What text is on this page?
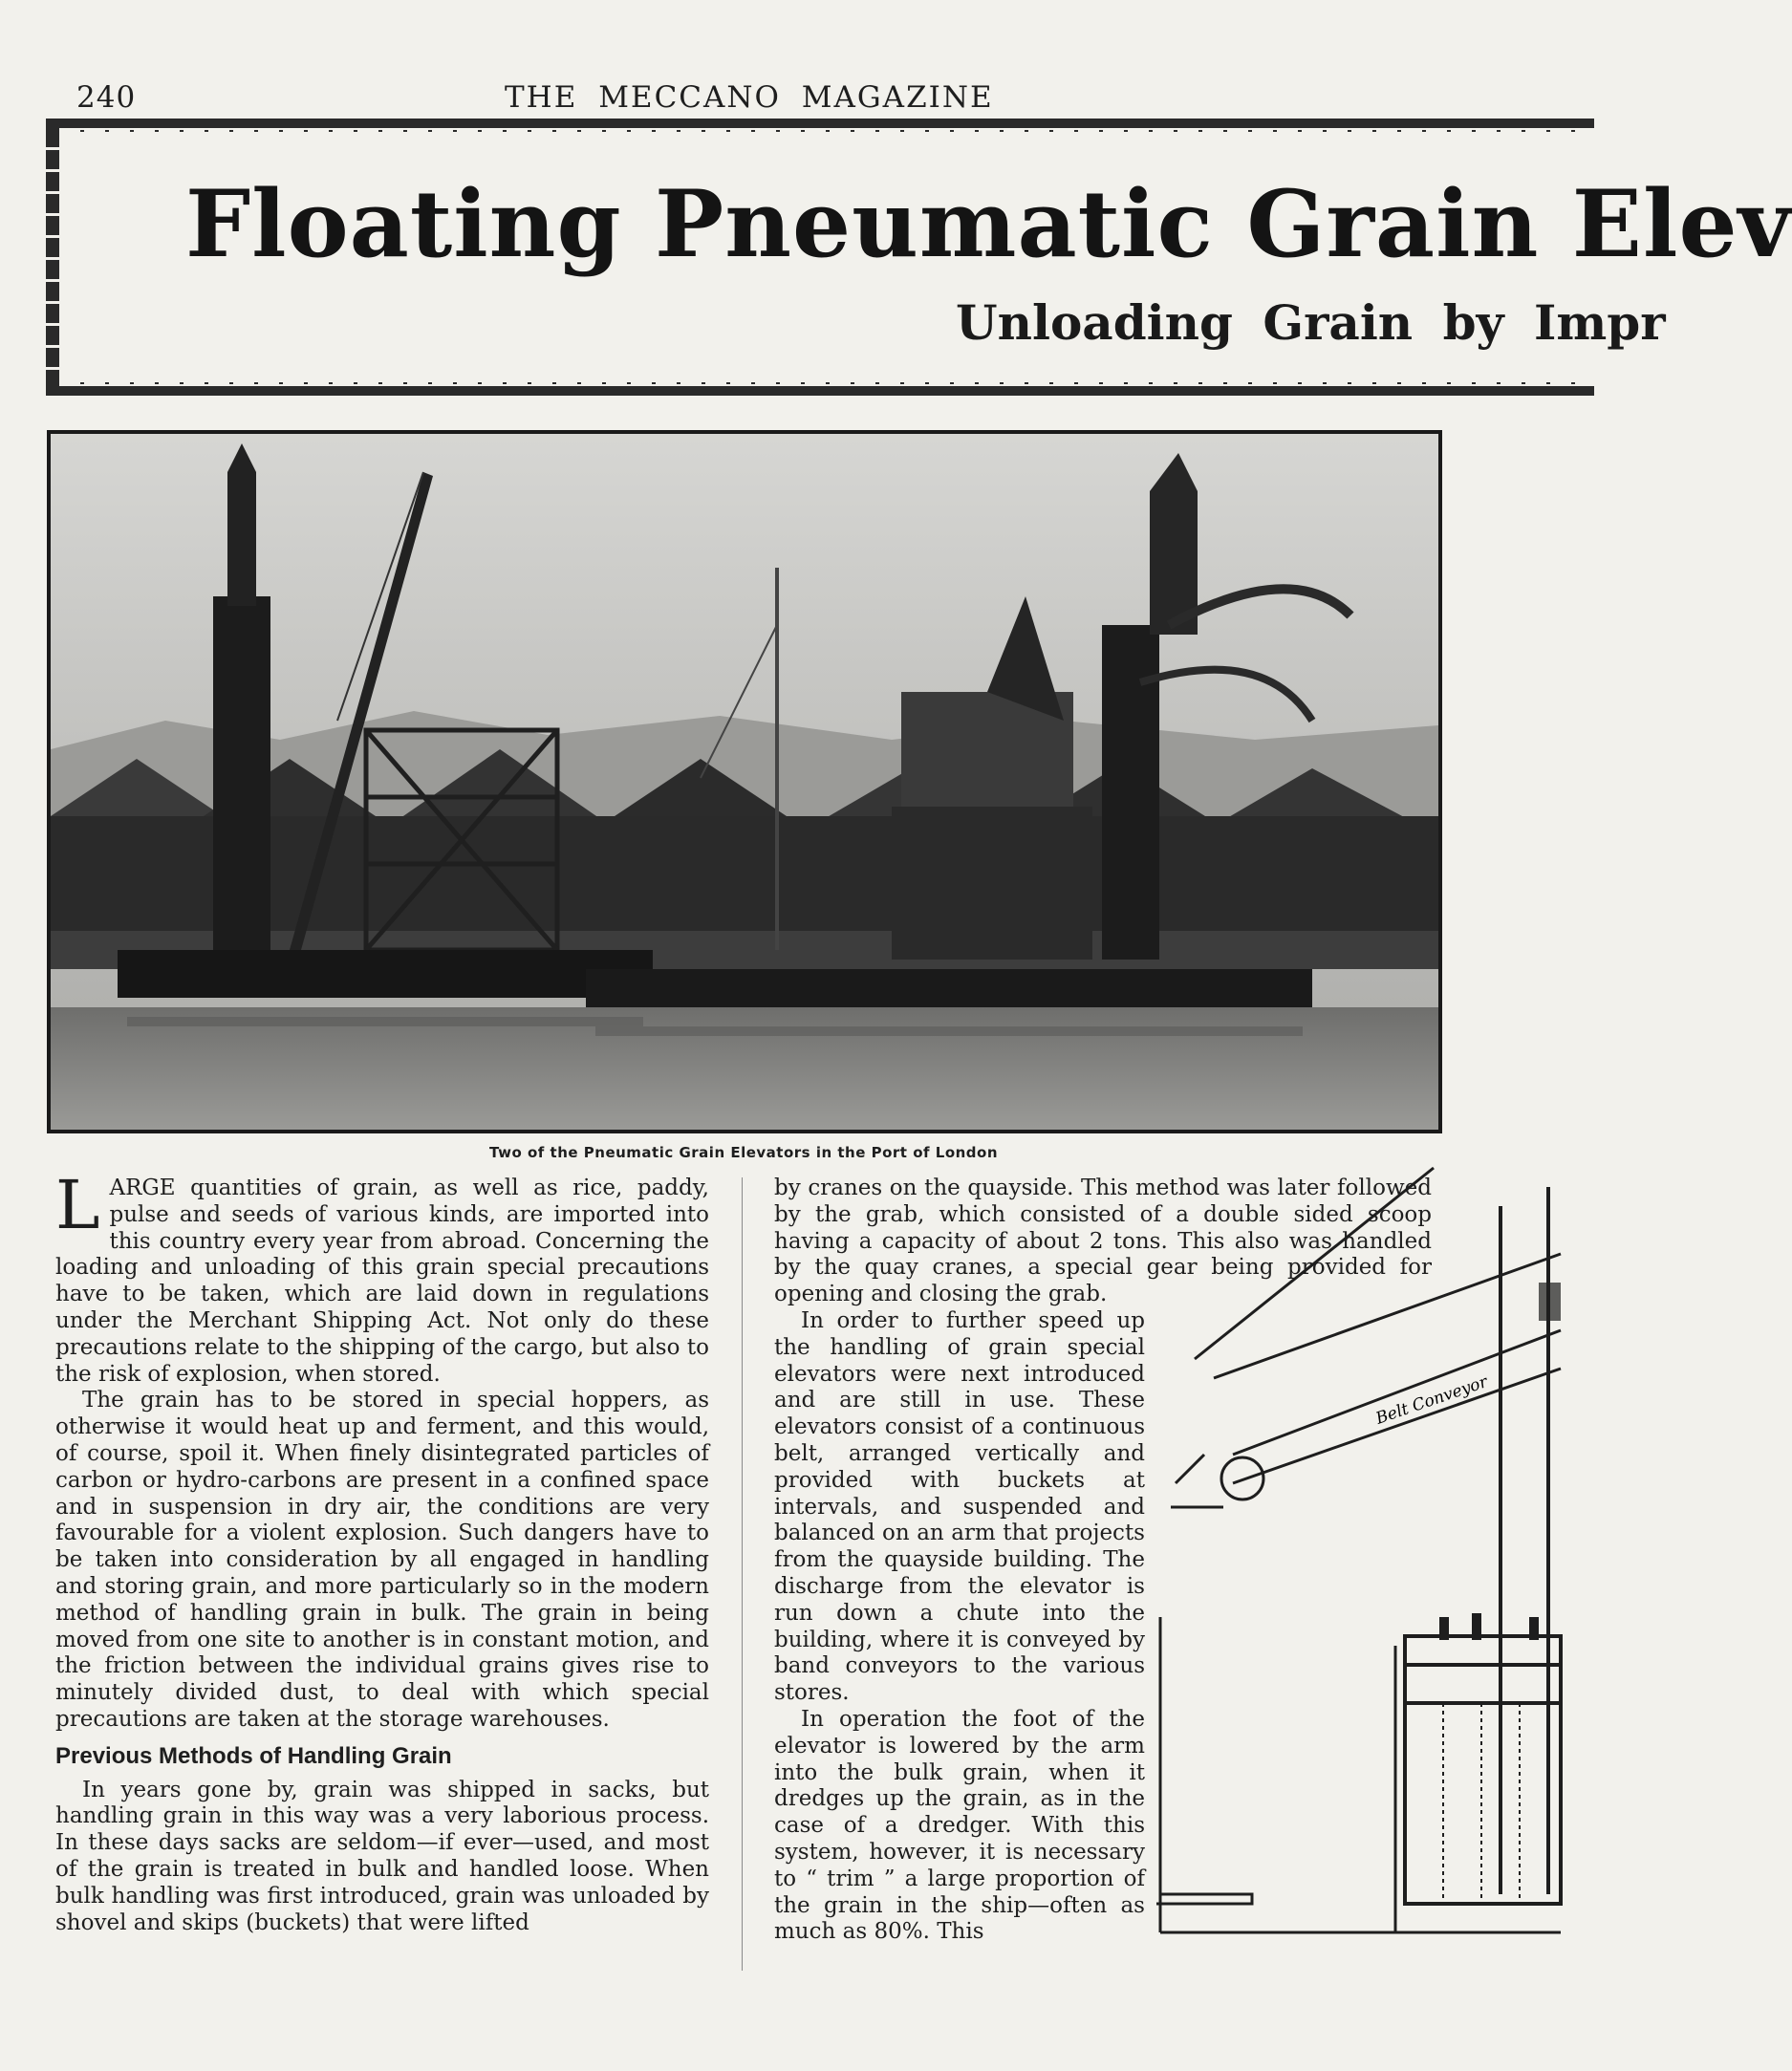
240	THE MECCANO MAGAZINE
Floating Pneumatic Grain Elev
Unloading Grain by Impr
Two of the Pneumatic Grain Elevators in the Port of London
L ARGE quantities of grain, as well as rice, paddy, pulse and seeds of various kinds, are imported into this country every year from abroad. Concerning the loading and unloading of this grain special precautions have to be taken, which are laid down in regulations under the Merchant Shipping Act. Not only do these precautions relate to the shipping of the cargo, but also to the risk of explosion, when stored.

The grain has to be stored in special hoppers, as otherwise it would heat up and ferment, and this would, of course, spoil it. When finely disintegrated particles of carbon or hydro-carbons are present in a confined space and in suspension in dry air, the conditions are very favourable for a violent explosion. Such dangers have to be taken into consideration by all engaged in handling and storing grain, and more particularly so in the modern method of handling grain in bulk. The grain in being moved from one site to another is in constant motion, and the friction between the individual grains gives rise to minutely divided dust, to deal with which special precautions are taken at the storage warehouses.

Previous Methods of Handling Grain

In years gone by, grain was shipped in sacks, but handling grain in this way was a very laborious process. In these days sacks are seldom—if ever—used, and most of the grain is treated in bulk and handled loose. When bulk handling was first introduced, grain was unloaded by shovel and skips (buckets) that were lifted

by cranes on the quayside. This method was later followed by the grab, which consisted of a double sided scoop having a capacity of about 2 tons. This also was handled by the quay cranes, a special gear being provided for opening and closing the grab.

In order to further speed up the handling of grain special elevators were next introduced and are still in use. These elevators consist of a continuous belt, arranged vertically and provided with buckets at intervals, and suspended and balanced on an arm that projects from the quayside building. The discharge from the elevator is run down a chute into the building, where it is conveyed by band conveyors to the various stores.

In operation the foot of the elevator is lowered by the arm into the bulk grain, when it dredges up the grain, as in the case of a dredger. With this system, however, it is necessary to “ trim ” a large proportion of the grain in the ship—often as much as 80%. This

Belt Conveyor
